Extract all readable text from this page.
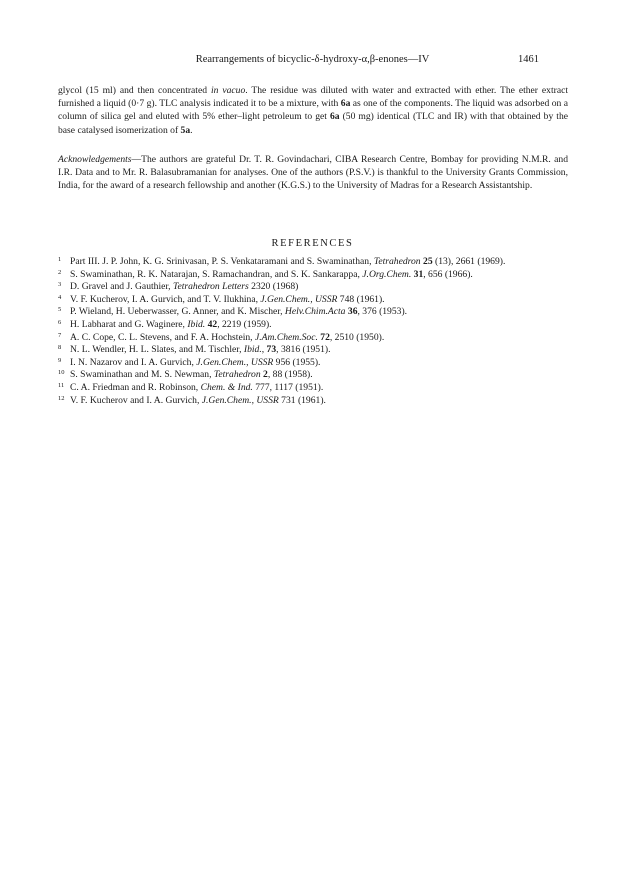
Rearrangements of bicyclic-δ-hydroxy-α,β-enones—IV	1461

glycol (15 ml) and then concentrated in vacuo. The residue was diluted with water and extracted with ether. The ether extract furnished a liquid (0·7 g). TLC analysis indicated it to be a mixture, with 6a as one of the components. The liquid was adsorbed on a column of silica gel and eluted with 5% ether–light petroleum to get 6a (50 mg) identical (TLC and IR) with that obtained by the base catalysed isomerization of 5a.

Acknowledgements—The authors are grateful Dr. T. R. Govindachari, CIBA Research Centre, Bombay for providing N.M.R. and I.R. Data and to Mr. R. Balasubramanian for analyses. One of the authors (P.S.V.) is thankful to the University Grants Commission, India, for the award of a research fellowship and another (K.G.S.) to the University of Madras for a Research Assistantship.

REFERENCES
1 Part III. J. P. John, K. G. Srinivasan, P. S. Venkataramani and S. Swaminathan, Tetrahedron 25 (13), 2661 (1969).
2 S. Swaminathan, R. K. Natarajan, S. Ramachandran, and S. K. Sankarappa, J.Org.Chem. 31, 656 (1966).
3 D. Gravel and J. Gauthier, Tetrahedron Letters 2320 (1968)
4 V. F. Kucherov, I. A. Gurvich, and T. V. Ilukhina, J.Gen.Chem., USSR 748 (1961).
5 P. Wieland, H. Ueberwasser, G. Anner, and K. Mischer, Helv.Chim.Acta 36, 376 (1953).
6 H. Labharat and G. Waginere, Ibid. 42, 2219 (1959).
7 A. C. Cope, C. L. Stevens, and F. A. Hochstein, J.Am.Chem.Soc. 72, 2510 (1950).
8 N. L. Wendler, H. L. Slates, and M. Tischler, Ibid., 73, 3816 (1951).
9 I. N. Nazarov and I. A. Gurvich, J.Gen.Chem., USSR 956 (1955).
10 S. Swaminathan and M. S. Newman, Tetrahedron 2, 88 (1958).
11 C. A. Friedman and R. Robinson, Chem. & Ind. 777, 1117 (1951).
12 V. F. Kucherov and I. A. Gurvich, J.Gen.Chem., USSR 731 (1961).
